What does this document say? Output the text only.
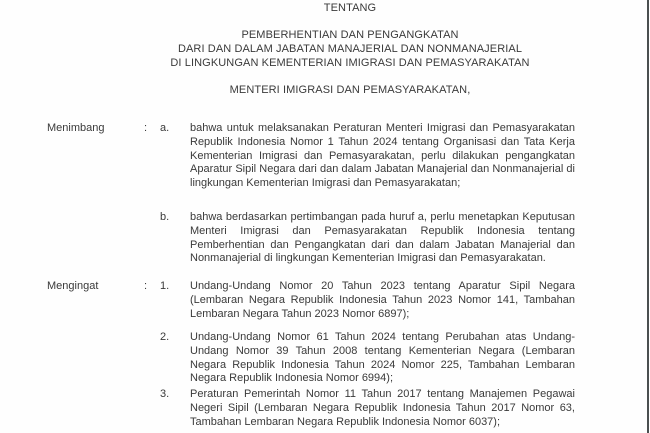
TENTANG
PEMBERHENTIAN DAN PENGANGKATAN
DARI DAN DALAM JABATAN MANAJERIAL DAN NONMANAJERIAL
DI LINGKUNGAN KEMENTERIAN IMIGRASI DAN PEMASYARAKATAN
MENTERI IMIGRASI DAN PEMASYARAKATAN,
Menimbang	: a. bahwa untuk melaksanakan Peraturan Menteri Imigrasi dan Pemasyarakatan Republik Indonesia Nomor 1 Tahun 2024 tentang Organisasi dan Tata Kerja Kementerian Imigrasi dan Pemasyarakatan, perlu dilakukan pengangkatan Aparatur Sipil Negara dari dan dalam Jabatan Manajerial dan Nonmanajerial di lingkungan Kementerian Imigrasi dan Pemasyarakatan;
b. bahwa berdasarkan pertimbangan pada huruf a, perlu menetapkan Keputusan Menteri Imigrasi dan Pemasyarakatan Republik Indonesia tentang Pemberhentian dan Pengangkatan dari dan dalam Jabatan Manajerial dan Nonmanajerial di lingkungan Kementerian Imigrasi dan Pemasyarakatan.
Mengingat	: 1. Undang-Undang Nomor 20 Tahun 2023 tentang Aparatur Sipil Negara (Lembaran Negara Republik Indonesia Tahun 2023 Nomor 141, Tambahan Lembaran Negara Tahun 2023 Nomor 6897);
2. Undang-Undang Nomor 61 Tahun 2024 tentang Perubahan atas Undang-Undang Nomor 39 Tahun 2008 tentang Kementerian Negara (Lembaran Negara Republik Indonesia Tahun 2024 Nomor 225, Tambahan Lembaran Negara Republik Indonesia Nomor 6994);
3. Peraturan Pemerintah Nomor 11 Tahun 2017 tentang Manajemen Pegawai Negeri Sipil (Lembaran Negara Republik Indonesia Tahun 2017 Nomor 63, Tambahan Lembaran Negara Republik Indonesia Nomor 6037);
